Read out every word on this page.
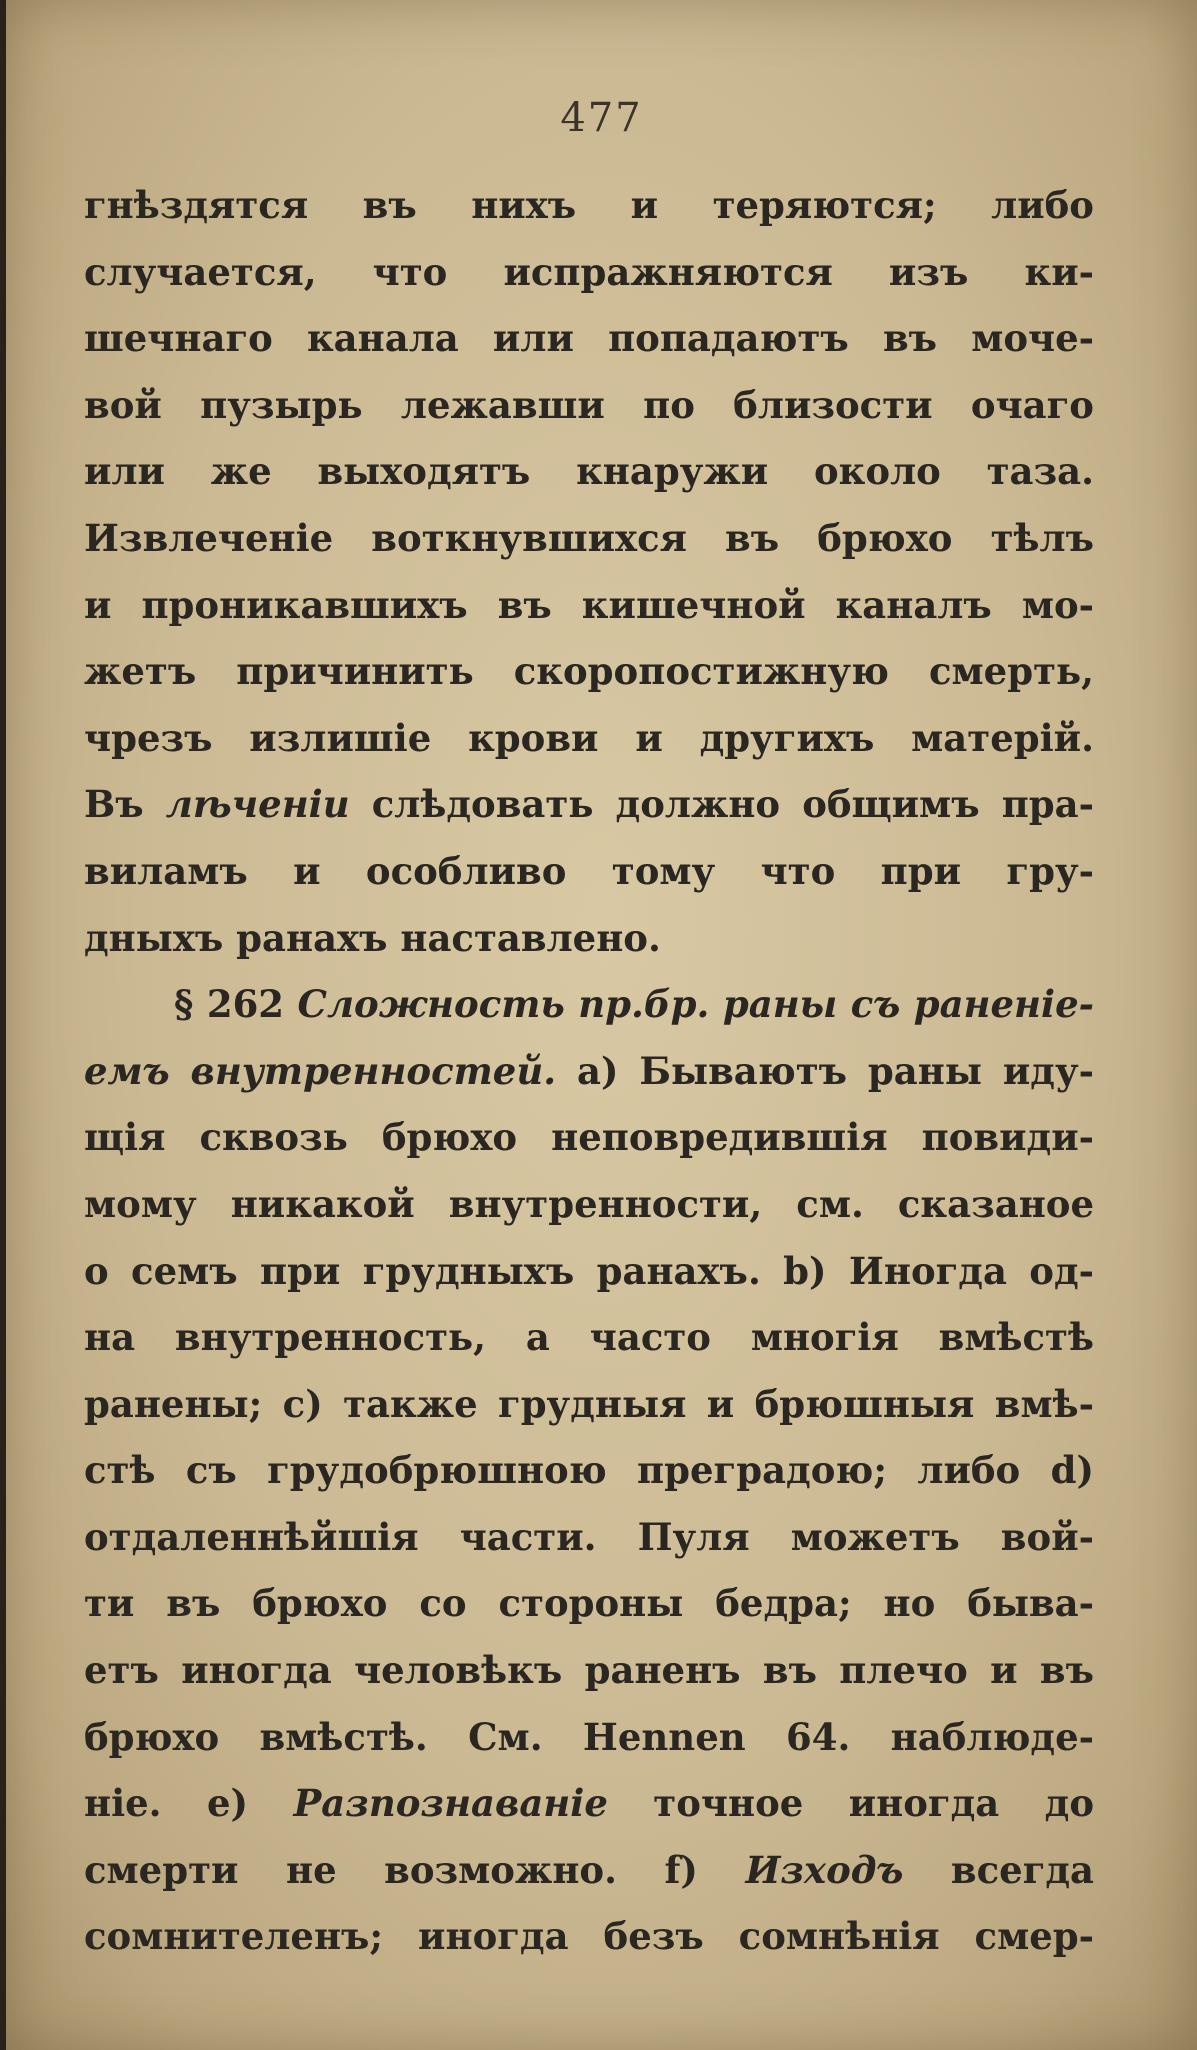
477
гнѣздятся въ нихъ и теряются; либо
случается, что испражняются изъ ки-
шечнаго канала или попадаютъ въ моче-
вой пузырь лежавши по близости очаго
или же выходятъ кнаружи около таза.
Извлеченіе воткнувшихся въ брюхо тѣлъ
и проникавшихъ въ кишечной каналъ мо-
жетъ причинить скоропостижную смерть,
чрезъ излишіе крови и другихъ матерій.
Въ лѣченіи слѣдовать должно общимъ пра-
виламъ и особливо тому что при гру-
дныхъ ранахъ наставлено.
§ 262 Сложность пр.бр. раны съ раненіе-
емъ внутренностей. а) Бываютъ раны иду-
щія сквозь брюхо неповредившія повиди-
мому никакой внутренности, см. сказаное
о семъ при грудныхъ ранахъ. b) Иногда од-
на внутренность, а часто многія вмѣстѣ
ранены; c) также грудныя и брюшныя вмѣ-
стѣ съ грудобрюшною преградою; либо d)
отдаленнѣйшія части. Пуля можетъ вой-
ти въ брюхо со стороны бедра; но быва-
етъ иногда человѣкъ раненъ въ плечо и въ
брюхо вмѣстѣ. См. Hennen 64. наблюде-
ніе. e) Разпознаваніе точное иногда до
смерти не возможно. f) Изходъ всегда
сомнителенъ; иногда безъ сомнѣнія смер-
